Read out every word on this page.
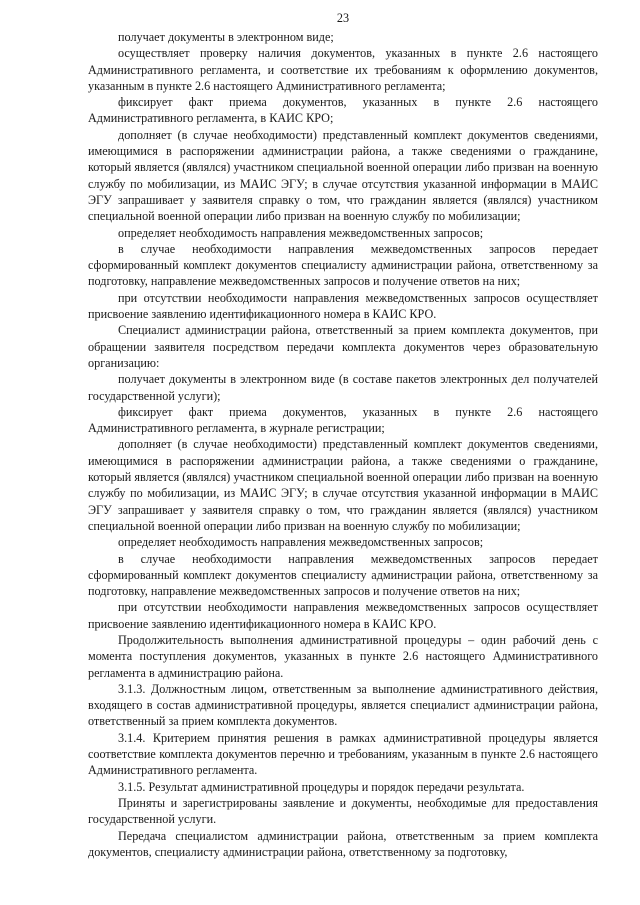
23

получает документы в электронном виде;

осуществляет проверку наличия документов, указанных в пункте 2.6 настоящего Административного регламента, и соответствие их требованиям к оформлению документов, указанным в пункте 2.6 настоящего Административного регламента;

фиксирует факт приема документов, указанных в пункте 2.6 настоящего Административного регламента, в КАИС КРО;

дополняет (в случае необходимости) представленный комплект документов сведениями, имеющимися в распоряжении администрации района, а также сведениями о гражданине, который является (являлся) участником специальной военной операции либо призван на военную службу по мобилизации, из МАИС ЭГУ; в случае отсутствия указанной информации в МАИС ЭГУ запрашивает у заявителя справку о том, что гражданин является (являлся) участником специальной военной операции либо призван на военную службу по мобилизации;

определяет необходимость направления межведомственных запросов;

в случае необходимости направления межведомственных запросов передает сформированный комплект документов специалисту администрации района, ответственному за подготовку, направление межведомственных запросов и получение ответов на них;

при отсутствии необходимости направления межведомственных запросов осуществляет присвоение заявлению идентификационного номера в КАИС КРО.

Специалист администрации района, ответственный за прием комплекта документов, при обращении заявителя посредством передачи комплекта документов через образовательную организацию:

получает документы в электронном виде (в составе пакетов электронных дел получателей государственной услуги);

фиксирует факт приема документов, указанных в пункте 2.6 настоящего Административного регламента, в журнале регистрации;

дополняет (в случае необходимости) представленный комплект документов сведениями, имеющимися в распоряжении администрации района, а также сведениями о гражданине, который является (являлся) участником специальной военной операции либо призван на военную службу по мобилизации, из МАИС ЭГУ; в случае отсутствия указанной информации в МАИС ЭГУ запрашивает у заявителя справку о том, что гражданин является (являлся) участником специальной военной операции либо призван на военную службу по мобилизации;

определяет необходимость направления межведомственных запросов;

в случае необходимости направления межведомственных запросов передает сформированный комплект документов специалисту администрации района, ответственному за подготовку, направление межведомственных запросов и получение ответов на них;

при отсутствии необходимости направления межведомственных запросов осуществляет присвоение заявлению идентификационного номера в КАИС КРО.

Продолжительность выполнения административной процедуры – один рабочий день с момента поступления документов, указанных в пункте 2.6 настоящего Административного регламента в администрацию района.

3.1.3. Должностным лицом, ответственным за выполнение административного действия, входящего в состав административной процедуры, является специалист администрации района, ответственный за прием комплекта документов.

3.1.4. Критерием принятия решения в рамках административной процедуры является соответствие комплекта документов перечню и требованиям, указанным в пункте 2.6 настоящего Административного регламента.

3.1.5. Результат административной процедуры и порядок передачи результата.

Приняты и зарегистрированы заявление и документы, необходимые для предоставления государственной услуги.

Передача специалистом администрации района, ответственным за прием комплекта документов, специалисту администрации района, ответственному за подготовку,
